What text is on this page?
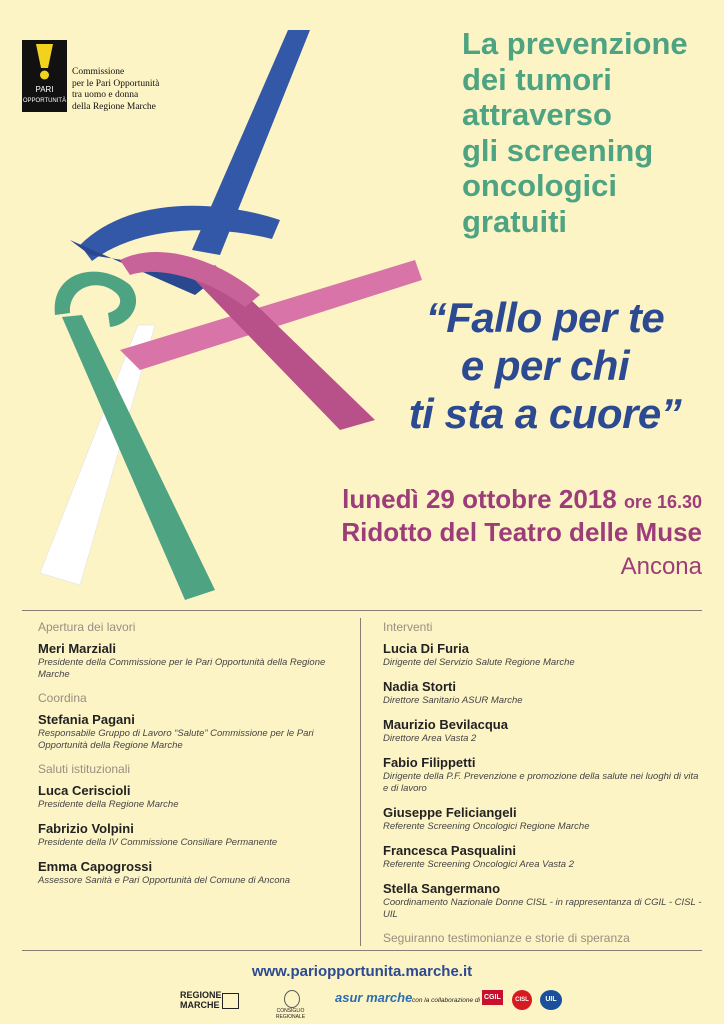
PARI
OPPORTUNITÀ
Commissione
per le Pari Opportunità
tra uomo e donna
della Regione Marche
La prevenzione
dei tumori
attraverso
gli screening
oncologici
gratuiti
“Fallo per te
e per chi
ti sta a cuore”
lunedì 29 ottobre 2018 ore 16.30
Ridotto del Teatro delle Muse
Ancona
Apertura dei lavori
Meri Marziali
Presidente della Commissione per le Pari Opportunità della Regione Marche
Coordina
Stefania Pagani
Responsabile Gruppo di Lavoro “Salute” Commissione per le Pari Opportunità della Regione Marche
Saluti istituzionali
Luca Ceriscioli
Presidente della Regione Marche
Fabrizio Volpini
Presidente della IV Commissione Consiliare Permanente
Emma Capogrossi
Assessore Sanità e Pari Opportunità del Comune di Ancona
Interventi
Lucia Di Furia
Dirigente del Servizio Salute Regione Marche
Nadia Storti
Direttore Sanitario ASUR Marche
Maurizio Bevilacqua
Direttore Area Vasta 2
Fabio Filippetti
Dirigente della P.F. Prevenzione e promozione della salute nei luoghi di vita e di lavoro
Giuseppe Feliciangeli
Referente Screening Oncologici Regione Marche
Francesca Pasqualini
Referente Screening Oncologici Area Vasta 2
Stella Sangermano
Coordinamento Nazionale Donne CISL - in rappresentanza di CGIL - CISL - UIL
Seguiranno testimonianze e storie di speranza
www.pariopportunita.marche.it
REGIONE MARCHE
CONSIGLIO REGIONALE
asur marche con la collaborazione di CGIL	CISL	UIL
